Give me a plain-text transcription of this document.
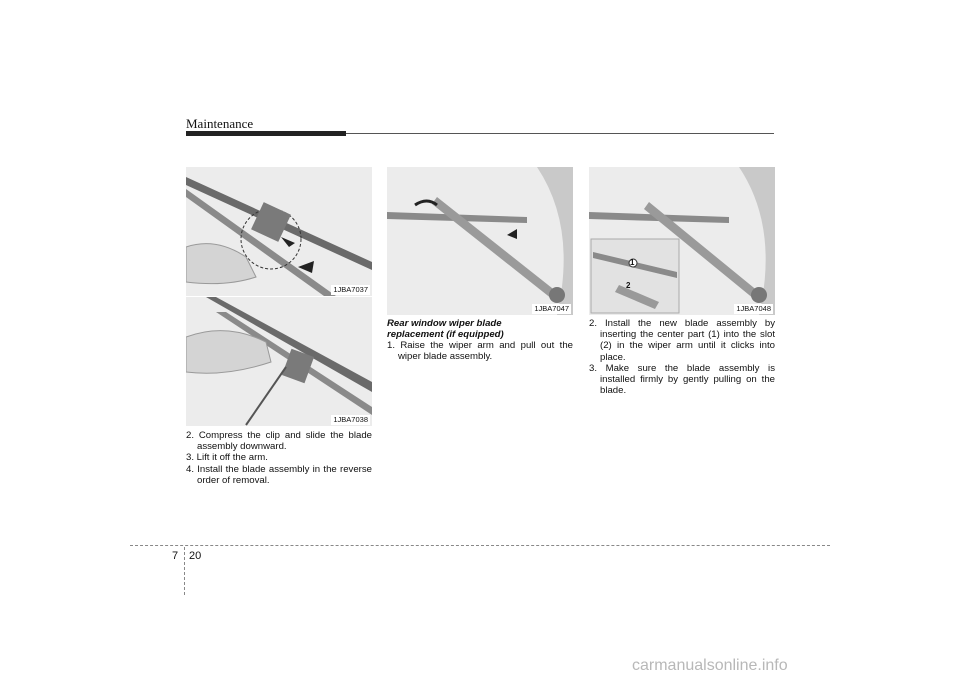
Maintenance
1JBA7037
1JBA7038
1JBA7047
1
2
1JBA7048

2. Compress the clip and slide the blade assembly downward.

3. Lift it off the arm.

4. Install the blade assembly in the reverse order of removal.

Rear window wiper blade

replacement (if equipped)

1. Raise the wiper arm and pull out the wiper blade assembly.

2. Install the new blade assembly by inserting the center part (1) into the slot (2) in the wiper arm until it clicks into place.

3. Make sure the blade assembly is installed firmly by gently pulling on the blade.

7 20
carmanualsonline.info
